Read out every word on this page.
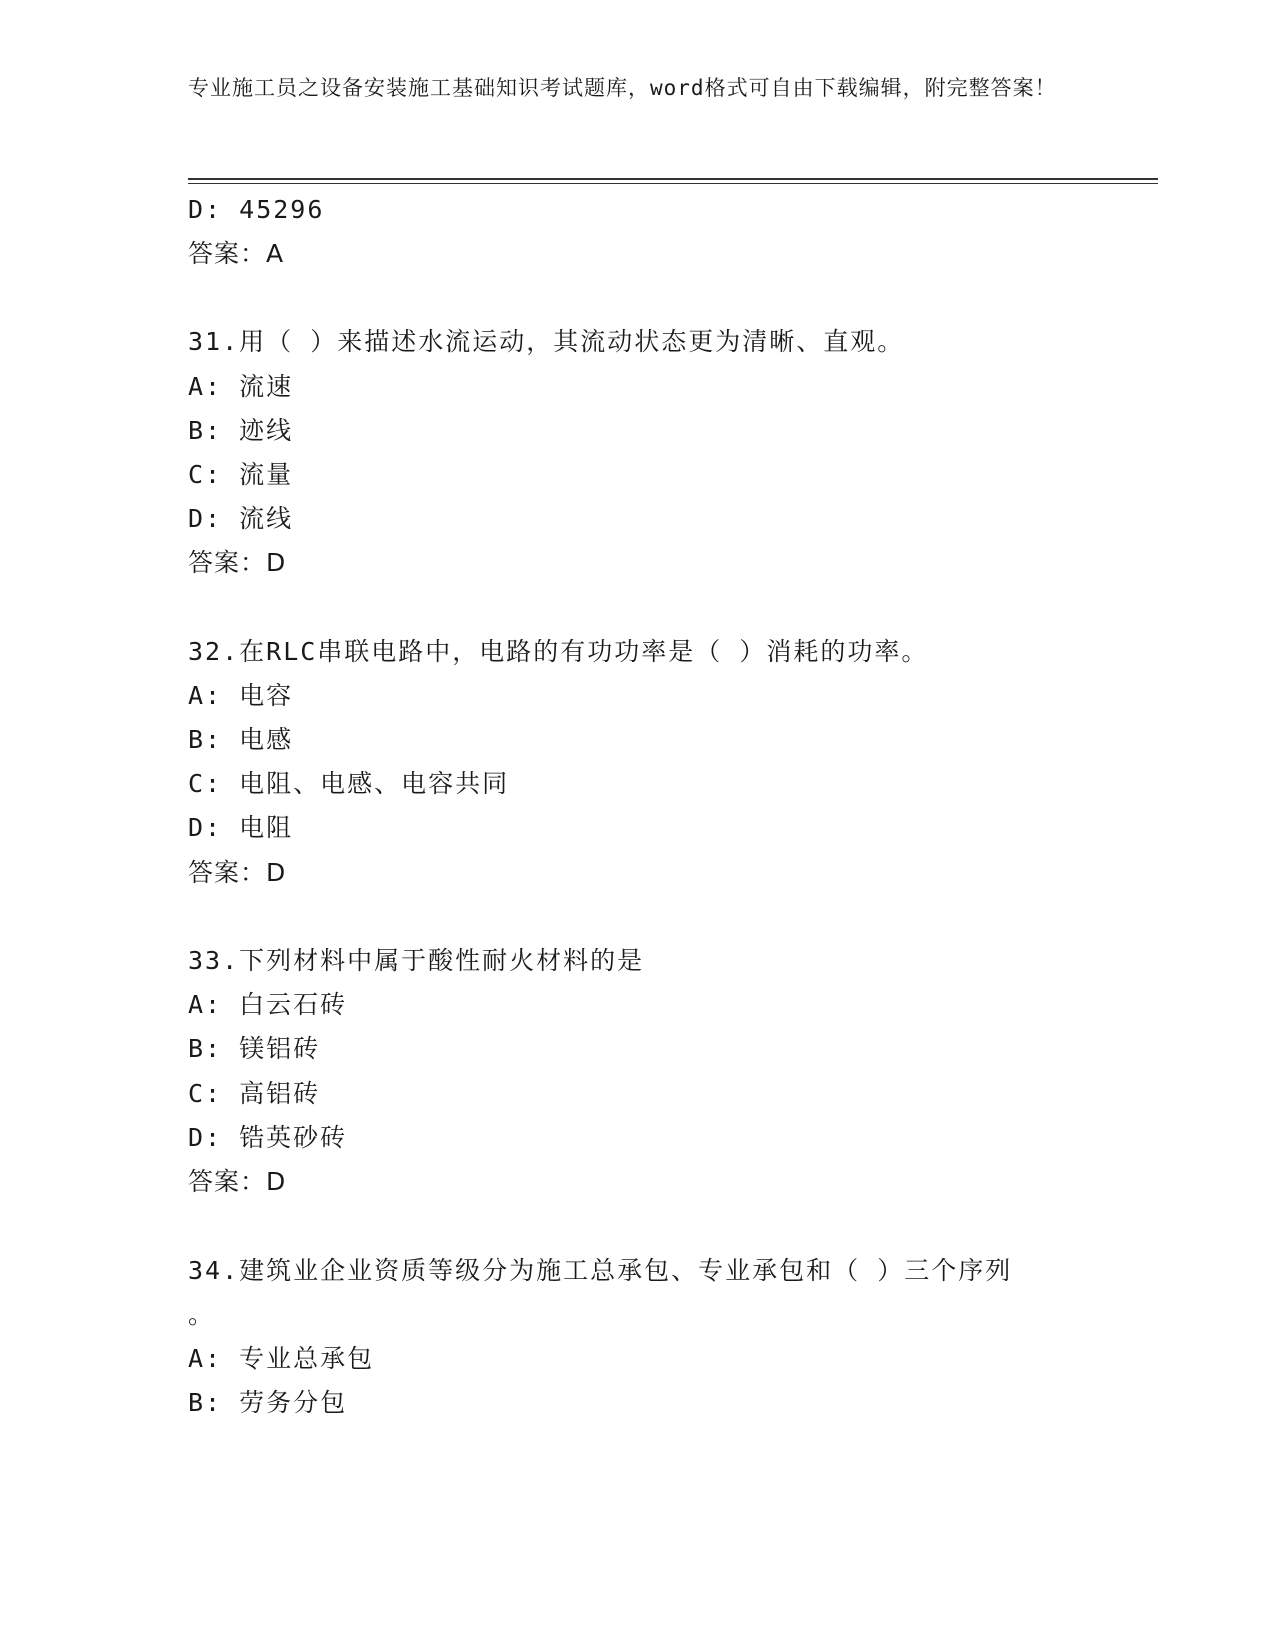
专业施工员之设备安装施工基础知识考试题库，word格式可自由下载编辑，附完整答案！
D: 45296
答案：A
31.用（ ）来描述水流运动，其流动状态更为清晰、直观。
A: 流速
B: 迹线
C: 流量
D: 流线
答案：D
32.在RLC串联电路中，电路的有功功率是（ ）消耗的功率。
A: 电容
B: 电感
C: 电阻、电感、电容共同
D: 电阻
答案：D
33.下列材料中属于酸性耐火材料的是
A: 白云石砖
B: 镁铝砖
C: 高铝砖
D: 锆英砂砖
答案：D
34.建筑业企业资质等级分为施工总承包、专业承包和（ ）三个序列
。
A: 专业总承包
B: 劳务分包
